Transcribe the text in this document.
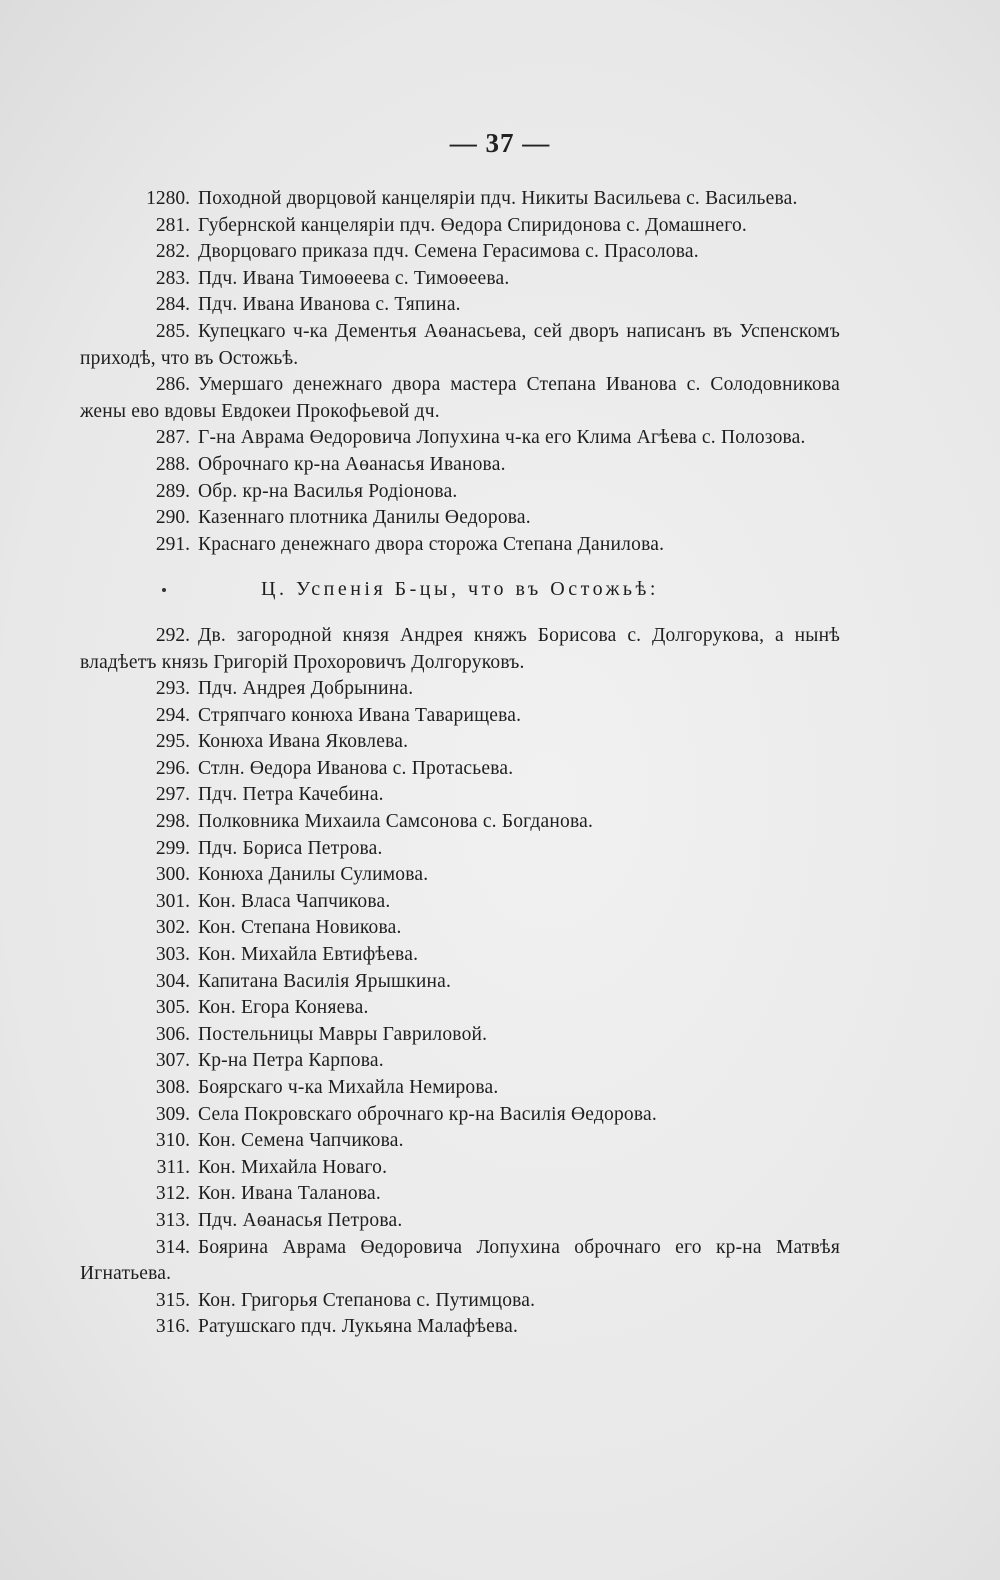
— 37 —

1280. Походной дворцовой канцеляріи пдч. Никиты Васильева с. Васильева.

281. Губернской канцеляріи пдч. Өедора Спиридонова с. Домашнего.

282. Дворцоваго приказа пдч. Семена Герасимова с. Прасолова.

283. Пдч. Ивана Тимоөеева с. Тимоөеева.

284. Пдч. Ивана Иванова с. Тяпина.

285. Купецкаго ч-ка Дементья Аөанасьева, сей дворъ написанъ въ Успенскомъ приходѣ, что въ Остожьѣ.

286. Умершаго денежнаго двора мастера Степана Иванова с. Солодовникова жены ево вдовы Евдокеи Прокофьевой дч.

287. Г-на Аврама Өедоровича Лопухина ч-ка его Клима Агѣева с. Полозова.

288. Оброчнаго кр-на Аөанасья Иванова.

289. Обр. кр-на Василья Родіонова.

290. Казеннаго плотника Данилы Өедорова.

291. Краснаго денежнаго двора сторожа Степана Данилова.

Ц. Успенія Б-цы, что въ Остожьѣ:

292. Дв. загородной князя Андрея княжъ Борисова с. Долгорукова, а нынѣ владѣетъ князь Григорій Прохоровичъ Долгоруковъ.

293. Пдч. Андрея Добрынина.

294. Стряпчаго конюха Ивана Таварищева.

295. Конюха Ивана Яковлева.

296. Стлн. Өедора Иванова с. Протасьева.

297. Пдч. Петра Качебина.

298. Полковника Михаила Самсонова с. Богданова.

299. Пдч. Бориса Петрова.

300. Конюха Данилы Сулимова.

301. Кон. Власа Чапчикова.

302. Кон. Степана Новикова.

303. Кон. Михайла Евтифѣева.

304. Капитана Василія Ярышкина.

305. Кон. Егора Коняева.

306. Постельницы Мавры Гавриловой.

307. Кр-на Петра Карпова.

308. Боярскаго ч-ка Михайла Немирова.

309. Села Покровскаго оброчнаго кр-на Василія Өедорова.

310. Кон. Семена Чапчикова.

311. Кон. Михайла Новаго.

312. Кон. Ивана Таланова.

313. Пдч. Аөанасья Петрова.

314. Боярина Аврама Өедоровича Лопухина оброчнаго его кр-на Матвѣя Игнатьева.

315. Кон. Григорья Степанова с. Путимцова.

316. Ратушскаго пдч. Лукьяна Малафѣева.
